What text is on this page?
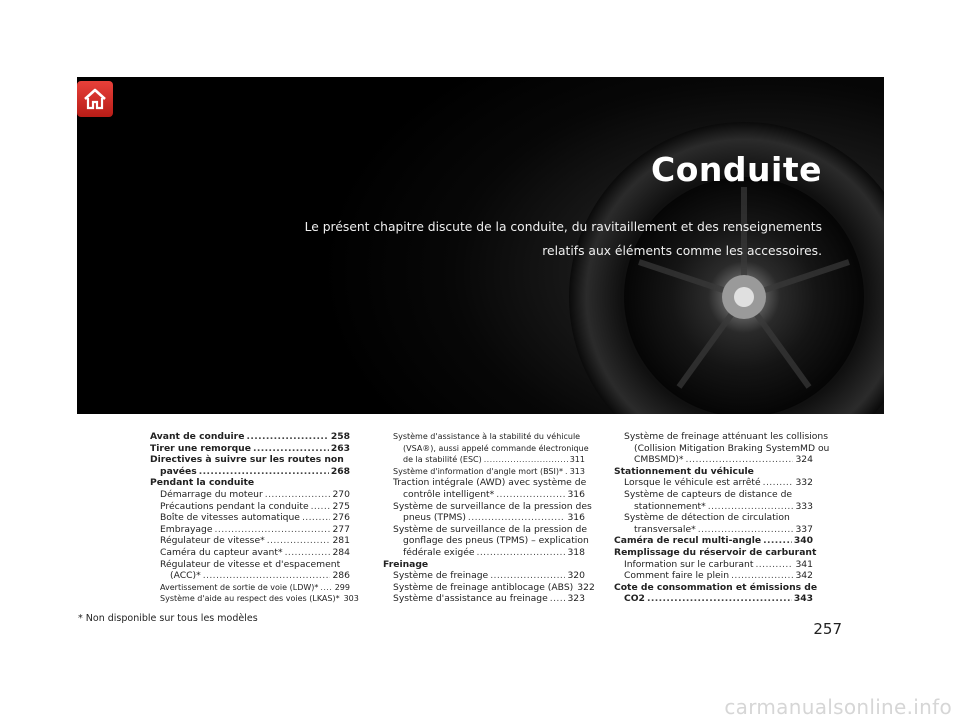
Conduite
Le présent chapitre discute de la conduite, du ravitaillement et des renseignements relatifs aux éléments comme les accessoires.
Avant de conduire .....	258
Tirer une remorque .....	263
Directives à suivre sur les routes non
pavées .....	268
Pendant la conduite
Démarrage du moteur .....	270
Précautions pendant la conduite .....	275
Boîte de vitesses automatique .....	276
Embrayage .....	277
Régulateur de vitesse* .....	281
Caméra du capteur avant* .....	284
Régulateur de vitesse et d'espacement
(ACC)* .....	286
Avertissement de sortie de voie (LDW)* ..... 299
Système d'aide au respect des voies (LKAS)* 303
Système d'assistance à la stabilité du véhicule
(VSA®), aussi appelé commande électronique
de la stabilité (ESC) .....	311
Système d'information d'angle mort (BSI)* ..... 313
Traction intégrale (AWD) avec système de
contrôle intelligent* .....	316
Système de surveillance de la pression des
pneus (TPMS) .....	316
Système de surveillance de la pression de
gonflage des pneus (TPMS) – explication
fédérale exigée .....	318
Freinage
Système de freinage .....	320
Système de freinage antiblocage (ABS) 322
Système d'assistance au freinage ..... 323
Système de freinage atténuant les collisions
(Collision Mitigation Braking SystemMD ou
CMBSMD)* .....	324
Stationnement du véhicule
Lorsque le véhicule est arrêté .....	332
Système de capteurs de distance de
stationnement* .....	333
Système de détection de circulation
transversale* .....	337
Caméra de recul multi-angle .....	340
Remplissage du réservoir de carburant
Information sur le carburant .....	341
Comment faire le plein .....	342
Cote de consommation et émissions de
CO2 .....	343
* Non disponible sur tous les modèles
257
carmanualsonline.info
